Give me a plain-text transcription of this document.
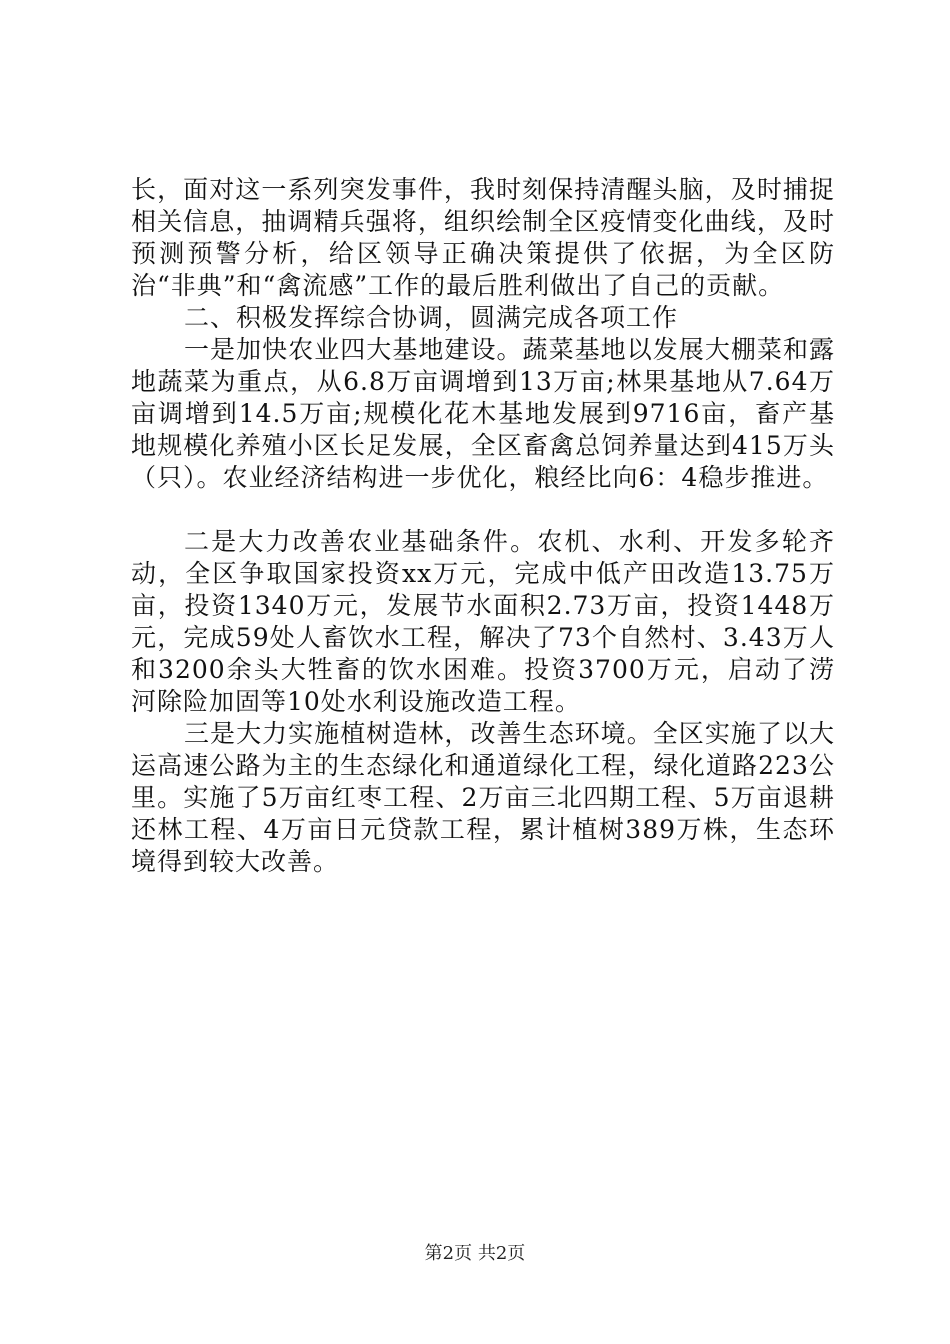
长，面对这一系列突发事件，我时刻保持清醒头脑，及时捕捉相关信息，抽调精兵强将，组织绘制全区疫情变化曲线，及时预测预警分析，给区领导正确决策提供了依据，为全区防治“非典”和“禽流感”工作的最后胜利做出了自己的贡献。

二、积极发挥综合协调，圆满完成各项工作

一是加快农业四大基地建设。蔬菜基地以发展大棚菜和露地蔬菜为重点，从6.8万亩调增到13万亩;林果基地从7.64万亩调增到14.5万亩;规模化花木基地发展到9716亩，畜产基地规模化养殖小区长足发展，全区畜禽总饲养量达到415万头（只）。农业经济结构进一步优化，粮经比向6：4稳步推进。

二是大力改善农业基础条件。农机、水利、开发多轮齐动，全区争取国家投资xx万元，完成中低产田改造13.75万亩，投资1340万元，发展节水面积2.73万亩，投资1448万元，完成59处人畜饮水工程，解决了73个自然村、3.43万人和3200余头大牲畜的饮水困难。投资3700万元，启动了涝河除险加固等10处水利设施改造工程。

三是大力实施植树造林，改善生态环境。全区实施了以大运高速公路为主的生态绿化和通道绿化工程，绿化道路223公里。实施了5万亩红枣工程、2万亩三北四期工程、5万亩退耕还林工程、4万亩日元贷款工程，累计植树389万株，生态环境得到较大改善。

第2页 共2页
